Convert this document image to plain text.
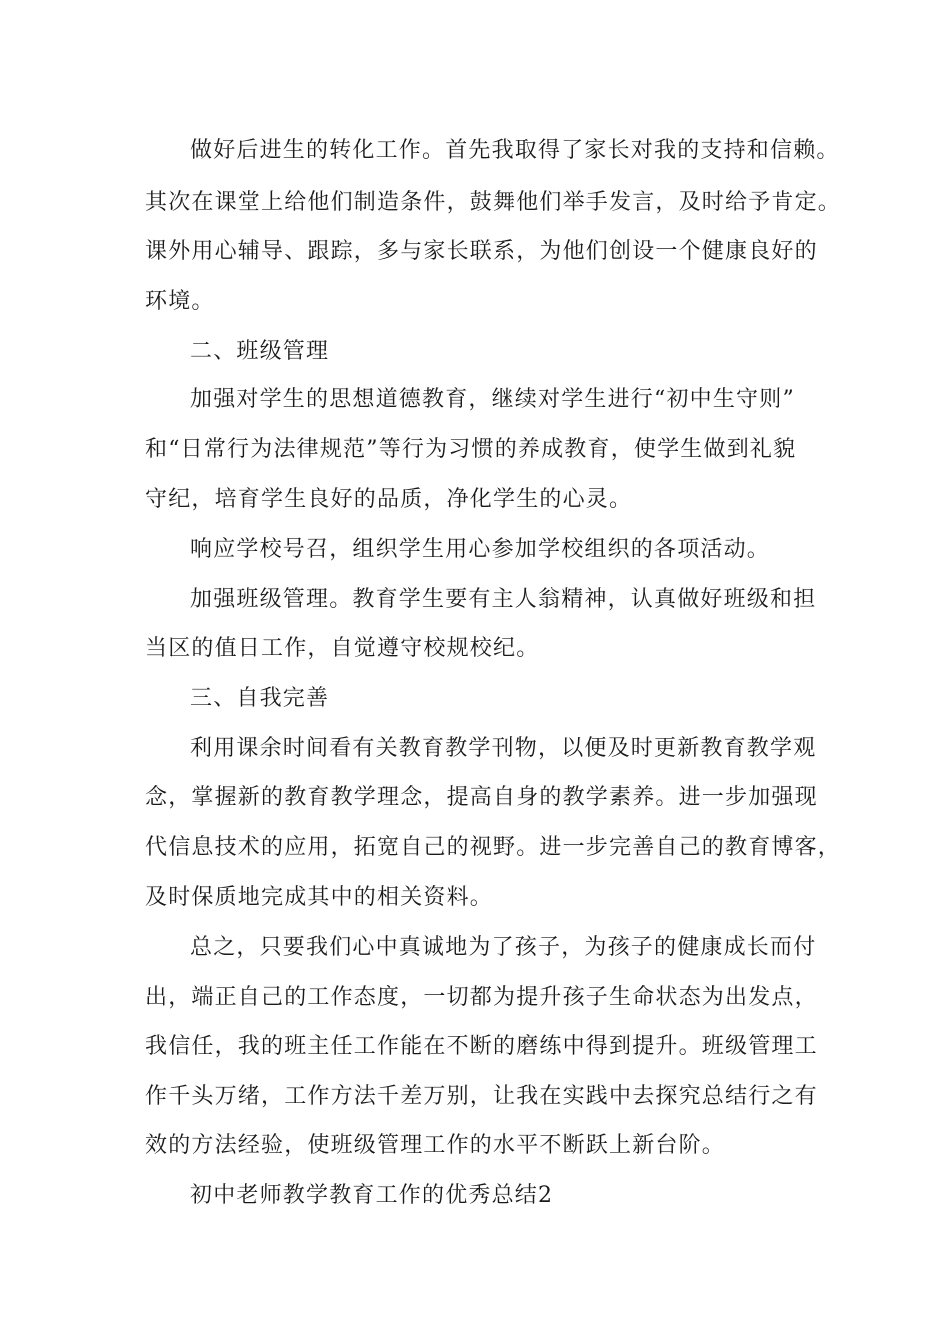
做好后进生的转化工作。首先我取得了家长对我的支持和信赖。
其次在课堂上给他们制造条件，鼓舞他们举手发言，及时给予肯定。
课外用心辅导、跟踪，多与家长联系，为他们创设一个健康良好的
环境。
二、班级管理
加强对学生的思想道德教育，继续对学生进行“初中生守则”
和“日常行为法律规范”等行为习惯的养成教育，使学生做到礼貌
守纪，培育学生良好的品质，净化学生的心灵。
响应学校号召，组织学生用心参加学校组织的各项活动。
加强班级管理。教育学生要有主人翁精神，认真做好班级和担
当区的值日工作，自觉遵守校规校纪。
三、自我完善
利用课余时间看有关教育教学刊物，以便及时更新教育教学观
念，掌握新的教育教学理念，提高自身的教学素养。进一步加强现
代信息技术的应用，拓宽自己的视野。进一步完善自己的教育博客，
及时保质地完成其中的相关资料。
总之，只要我们心中真诚地为了孩子，为孩子的健康成长而付
出，端正自己的工作态度，一切都为提升孩子生命状态为出发点，
我信任，我的班主任工作能在不断的磨练中得到提升。班级管理工
作千头万绪，工作方法千差万别，让我在实践中去探究总结行之有
效的方法经验，使班级管理工作的水平不断跃上新台阶。
初中老师教学教育工作的优秀总结2
